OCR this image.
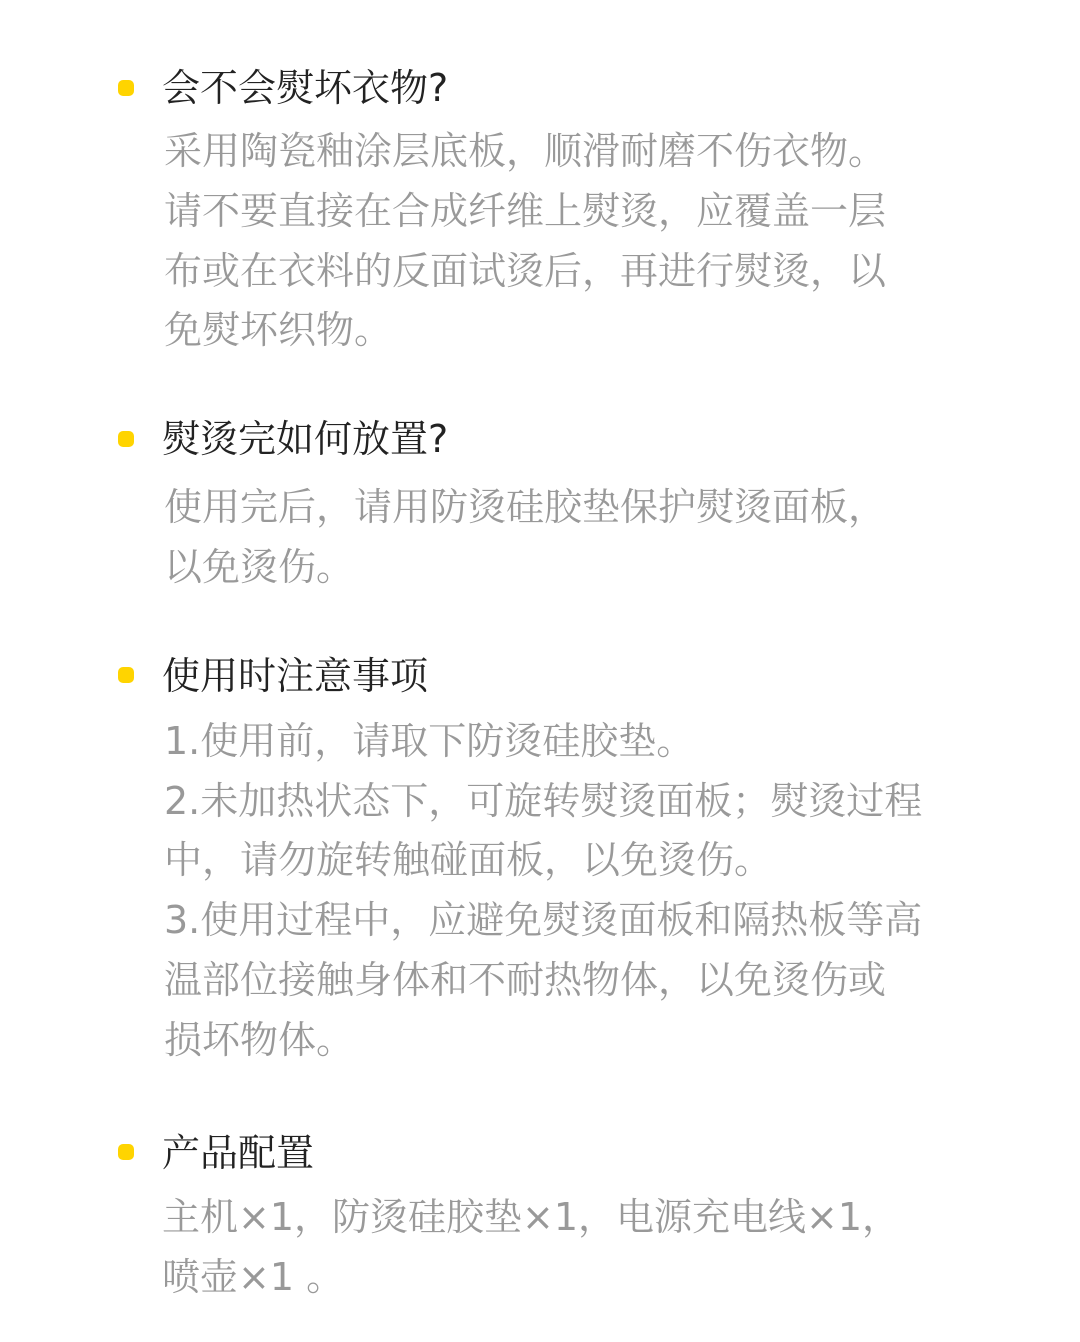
会不会熨坏衣物?
采用陶瓷釉涂层底板，顺滑耐磨不伤衣物。
请不要直接在合成纤维上熨烫，应覆盖一层
布或在衣料的反面试烫后，再进行熨烫，以
免熨坏织物。
熨烫完如何放置?
使用完后，请用防烫硅胶垫保护熨烫面板，
以免烫伤。
使用时注意事项
1.使用前，请取下防烫硅胶垫。
2.未加热状态下，可旋转熨烫面板；熨烫过程
中，请勿旋转触碰面板，以免烫伤。
3.使用过程中，应避免熨烫面板和隔热板等高
温部位接触身体和不耐热物体，以免烫伤或
损坏物体。
产品配置
主机×1，防烫硅胶垫×1，电源充电线×1，
喷壶×1 。
